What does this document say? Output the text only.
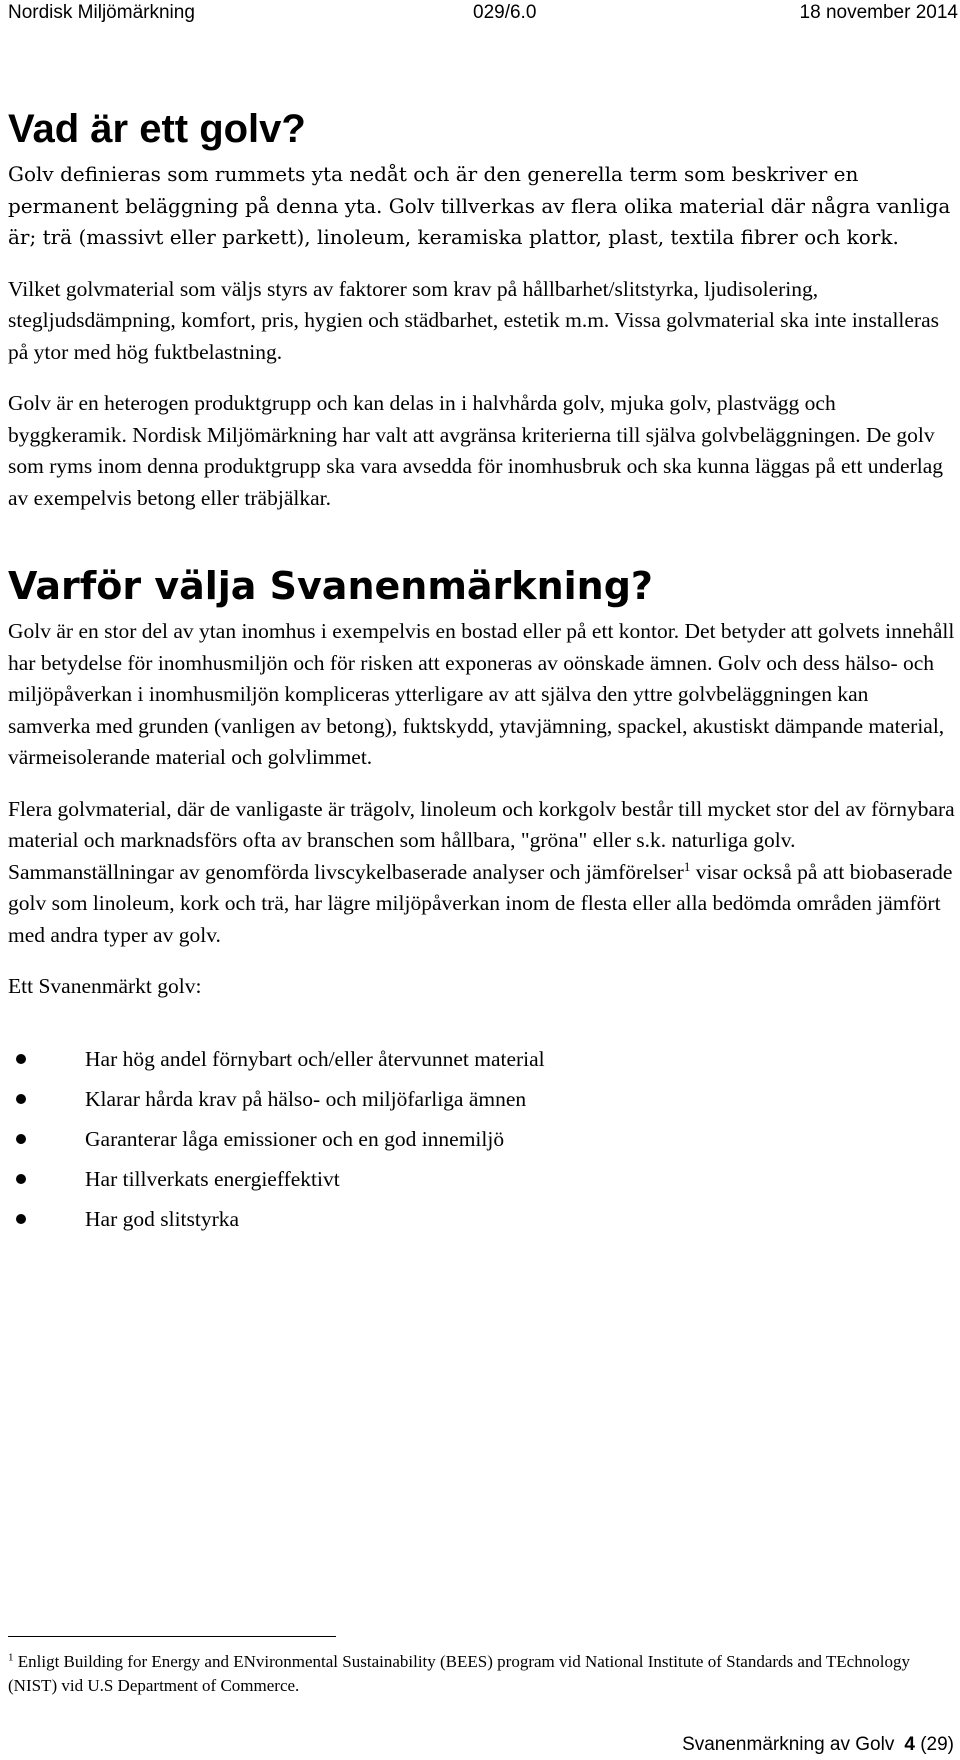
Nordisk Miljömärkning	029/6.0	18 november 2014
Vad är ett golv?

Golv definieras som rummets yta nedåt och är den generella term som beskriver en permanent beläggning på denna yta. Golv tillverkas av flera olika material där några vanliga är; trä (massivt eller parkett), linoleum, keramiska plattor, plast, textila fibrer och kork.

Vilket golvmaterial som väljs styrs av faktorer som krav på hållbarhet/slitstyrka, ljudisolering, stegljudsdämpning, komfort, pris, hygien och städbarhet, estetik m.m. Vissa golvmaterial ska inte installeras på ytor med hög fuktbelastning.

Golv är en heterogen produktgrupp och kan delas in i halvhårda golv, mjuka golv, plastvägg och byggkeramik. Nordisk Miljömärkning har valt att avgränsa kriterierna till själva golvbeläggningen. De golv som ryms inom denna produktgrupp ska vara avsedda för inomhusbruk och ska kunna läggas på ett underlag av exempelvis betong eller träbjälkar.

Varför välja Svanenmärkning?

Golv är en stor del av ytan inomhus i exempelvis en bostad eller på ett kontor. Det betyder att golvets innehåll har betydelse för inomhusmiljön och för risken att exponeras av oönskade ämnen. Golv och dess hälso- och miljöpåverkan i inomhusmiljön kompliceras ytterligare av att själva den yttre golvbeläggningen kan samverka med grunden (vanligen av betong), fuktskydd, ytavjämning, spackel, akustiskt dämpande material, värmeisolerande material och golvlimmet.

Flera golvmaterial, där de vanligaste är trägolv, linoleum och korkgolv består till mycket stor del av förnybara material och marknadsförs ofta av branschen som hållbara, "gröna" eller s.k. naturliga golv. Sammanställningar av genomförda livscykelbaserade analyser och jämförelser$^1$ visar också på att biobaserade golv som linoleum, kork och trä, har lägre miljöpåverkan inom de flesta eller alla bedömda områden jämfört med andra typer av golv.

Ett Svanenmärkt golv:

Har hög andel förnybart och/eller återvunnet material
Klarar hårda krav på hälso- och miljöfarliga ämnen
Garanterar låga emissioner och en god innemiljö
Har tillverkats energieffektivt
Har god slitstyrka
$^1$ Enligt Building for Energy and ENvironmental Sustainability (BEES) program vid National Institute of Standards and TEchnology (NIST) vid U.S Department of Commerce.
Svanenmärkning av Golv 4 (29)
